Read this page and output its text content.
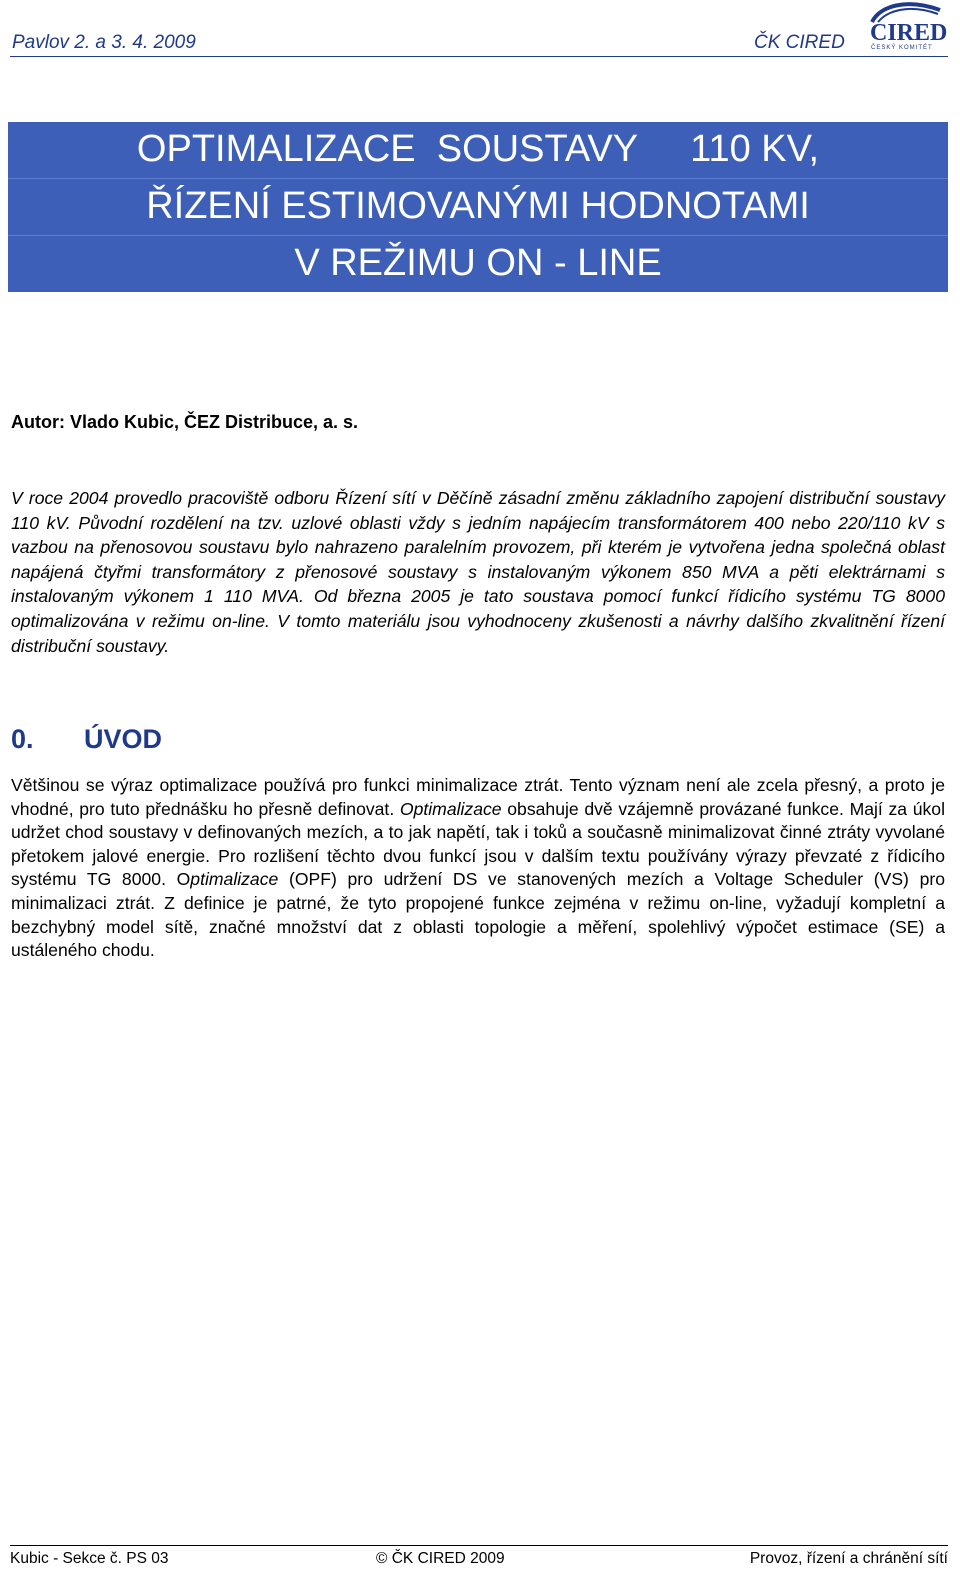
Pavlov 2. a 3. 4. 2009	ČK CIRED CIRED
ČESKÝ KOMITÉT
OPTIMALIZACE  SOUSTAVY     110 KV,
ŘÍZENÍ ESTIMOVANÝMI HODNOTAMI
V REŽIMU ON - LINE
Autor: Vlado Kubic, ČEZ Distribuce, a. s.
V roce 2004 provedlo pracoviště odboru Řízení sítí v Děčíně zásadní změnu základního zapojení distribuční soustavy 110 kV. Původní rozdělení na tzv. uzlové oblasti vždy s jedním napájecím transformátorem 400 nebo 220/110 kV s vazbou na přenosovou soustavu bylo nahrazeno paralelním provozem, při kterém je vytvořena jedna společná oblast napájená čtyřmi transformátory z přenosové soustavy s instalovaným výkonem 850 MVA a pěti elektrárnami s instalovaným výkonem 1 110 MVA. Od března 2005 je tato soustava pomocí funkcí řídicího systému TG 8000 optimalizována v režimu on-line. V tomto materiálu jsou vyhodnoceny zkušenosti a návrhy dalšího zkvalitnění řízení distribuční soustavy.
0. ÚVOD
Většinou se výraz optimalizace používá pro funkci minimalizace ztrát. Tento význam není ale zcela přesný, a proto je vhodné, pro tuto přednášku ho přesně definovat. Optimalizace obsahuje dvě vzájemně provázané funkce. Mají za úkol udržet chod soustavy v definovaných mezích, a to jak napětí, tak i toků a současně minimalizovat činné ztráty vyvolané přetokem jalové energie. Pro rozlišení těchto dvou funkcí jsou v dalším textu používány výrazy převzaté z řídicího systému TG 8000. Optimalizace (OPF) pro udržení DS ve stanovených mezích a Voltage Scheduler (VS) pro minimalizaci ztrát. Z definice je patrné, že tyto propojené funkce zejména v režimu on-line, vyžadují kompletní a bezchybný model sítě, značné množství dat z oblasti topologie a měření, spolehlivý výpočet estimace (SE) a ustáleného chodu.
Kubic - Sekce č. PS 03	© ČK CIRED 2009	Provoz, řízení a chránění sítí
